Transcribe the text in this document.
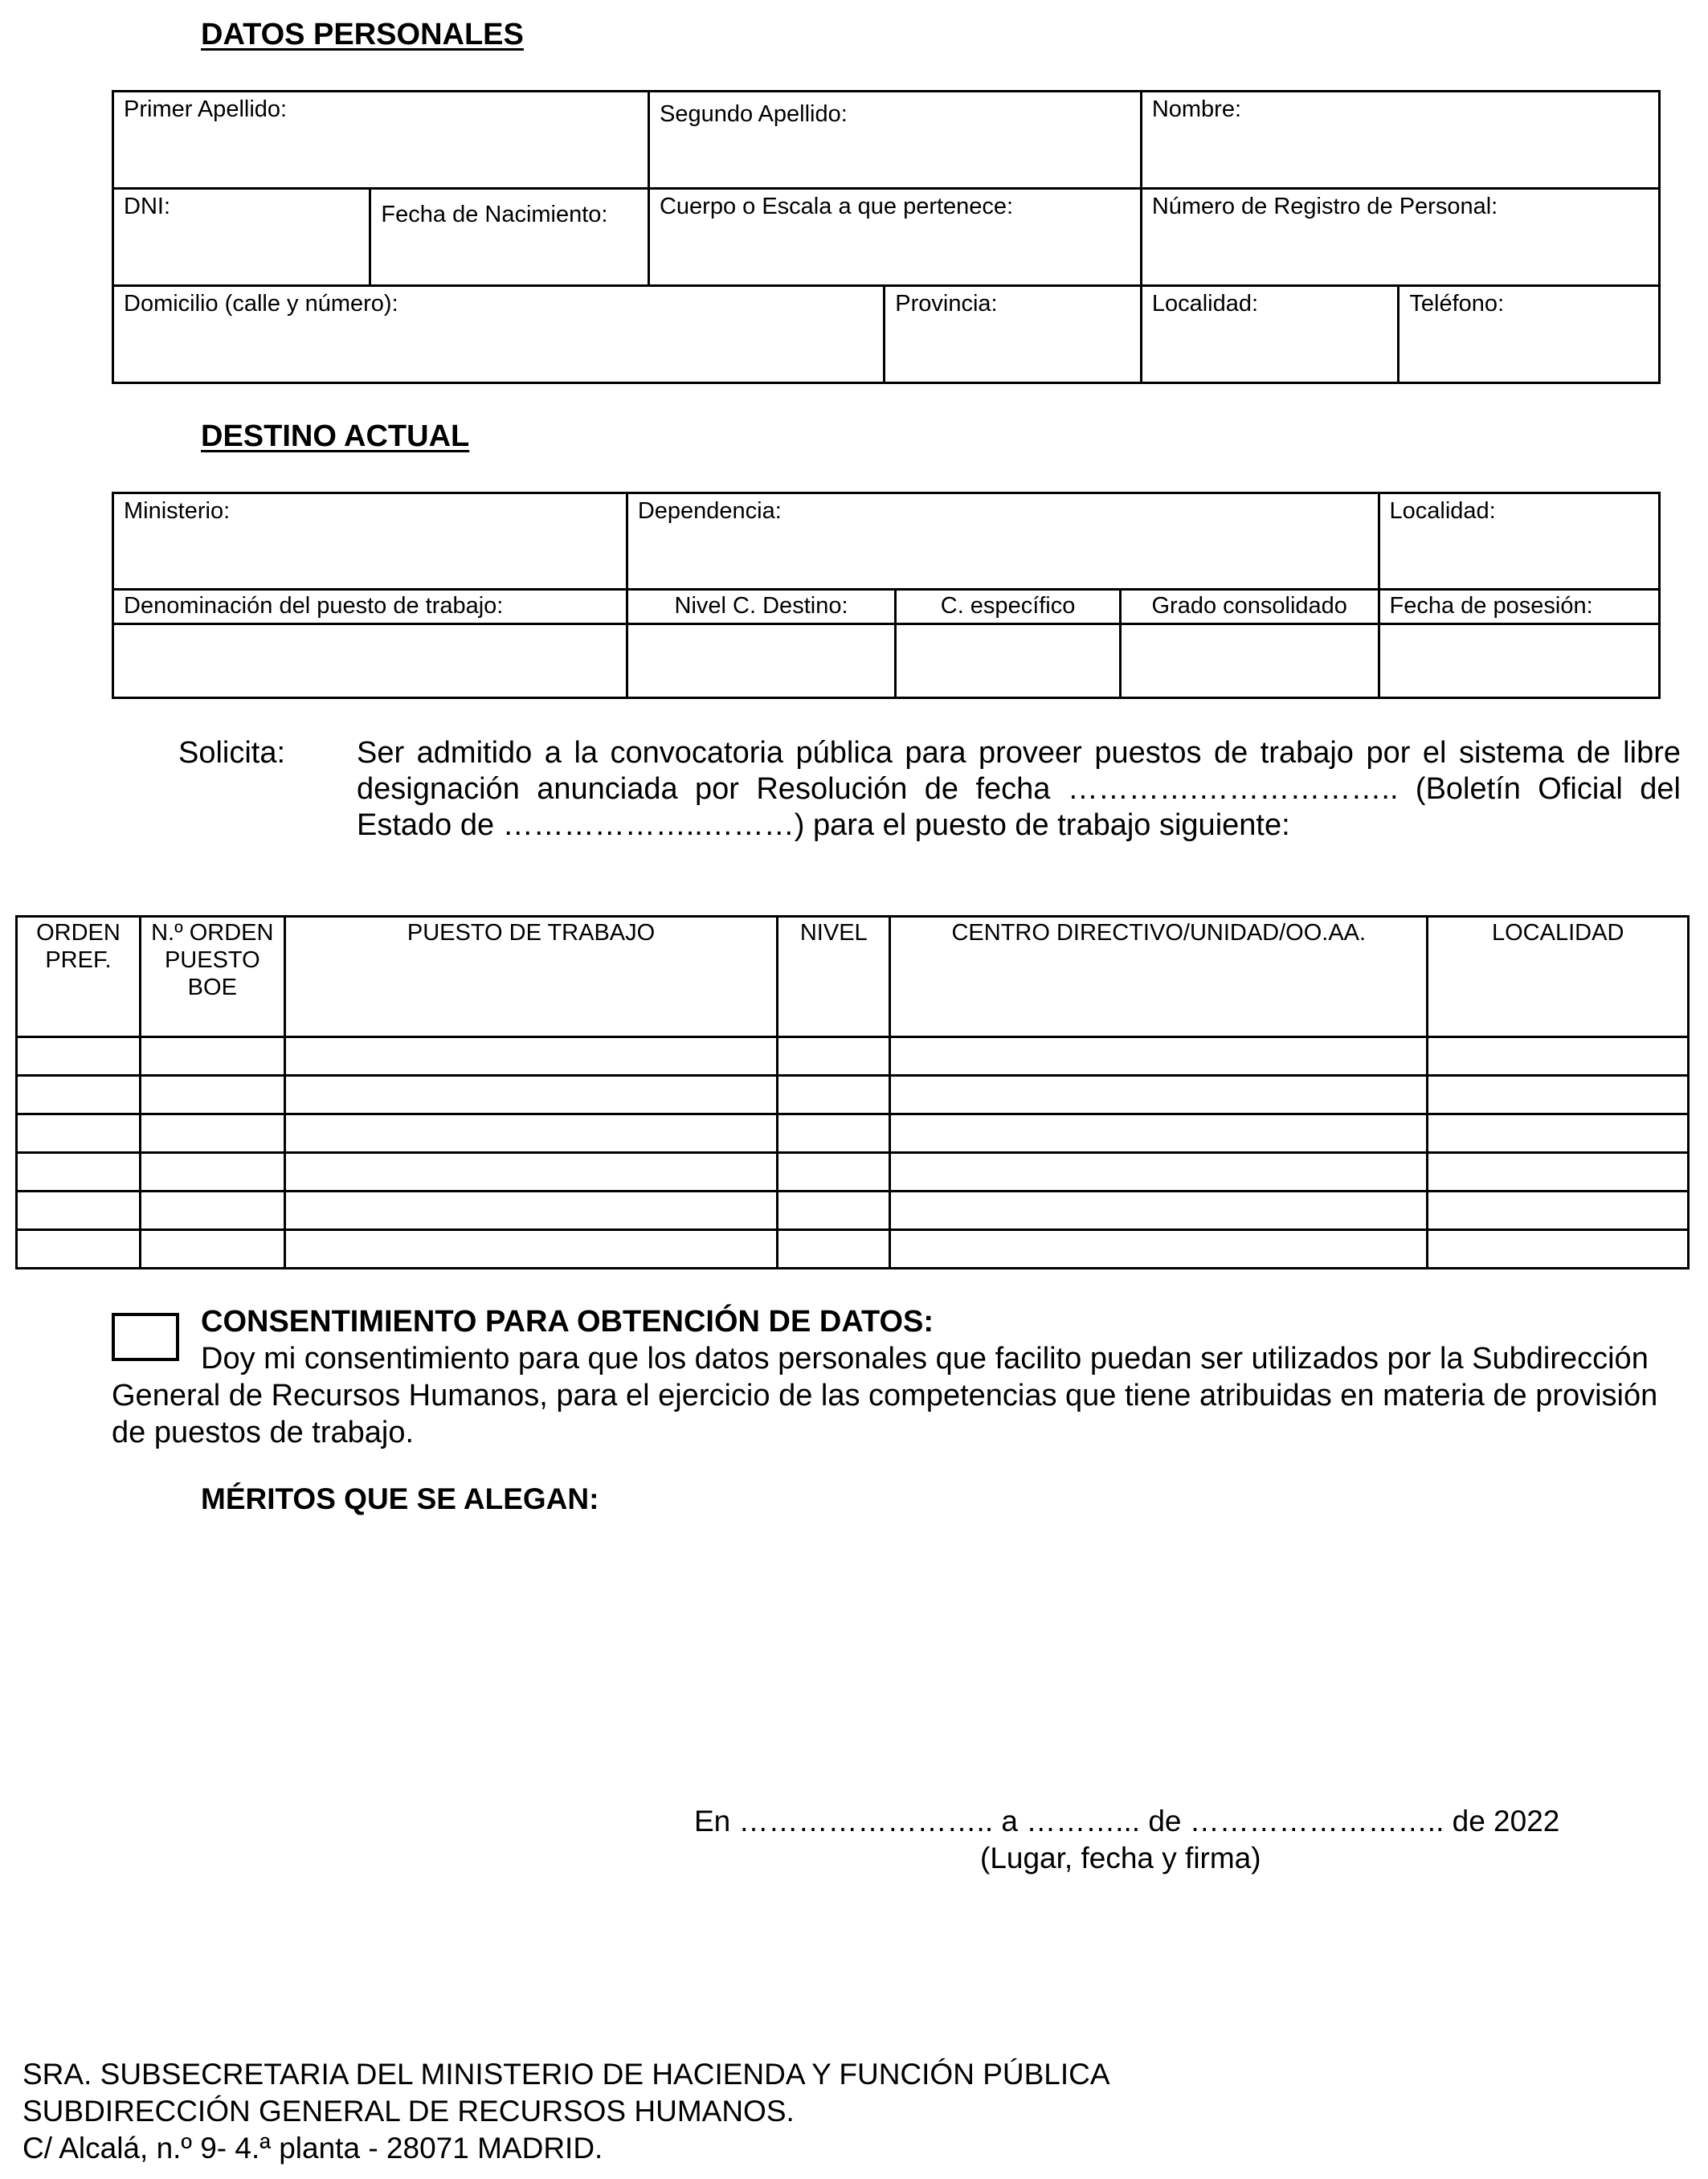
DATOS PERSONALES
Primer Apellido:		Segundo Apellido:		Nombre:	

DNI:	Fecha de Nacimiento:	Cuerpo o Escala a que pertenece:		Número de Registro de Personal:	

Domicilio (calle y número):			Provincia:	Localidad:	Teléfono:
DESTINO ACTUAL
Ministerio:	Dependencia:			Localidad:

Denominación del puesto de trabajo:	Nivel C. Destino:	C. específico	Grado consolidado	Fecha de posesión:

Solicita: Ser admitido a la convocatoria pública para proveer puestos de trabajo por el sistema de libre designación anunciada por Resolución de fecha ………….……………….. (Boletín Oficial del Estado de ………………..………) para el puesto de trabajo siguiente:
ORDEN PREF.	N.º ORDEN PUESTO BOE	PUESTO DE TRABAJO	NIVEL	CENTRO DIRECTIVO/UNIDAD/OO.AA.	LOCALIDAD

CONSENTIMIENTO PARA OBTENCIÓN DE DATOS:
Doy mi consentimiento para que los datos personales que facilito puedan ser utilizados por la Subdirección
General de Recursos Humanos, para el ejercicio de las competencias que tiene atribuidas en materia de provisión
de puestos de trabajo.
MÉRITOS QUE SE ALEGAN:
En …………………….. a ………... de …………………….. de 2022
(Lugar, fecha y firma)
SRA. SUBSECRETARIA DEL MINISTERIO DE HACIENDA Y FUNCIÓN PÚBLICA
SUBDIRECCIÓN GENERAL DE RECURSOS HUMANOS.
C/ Alcalá, n.º 9- 4.ª planta - 28071 MADRID.
